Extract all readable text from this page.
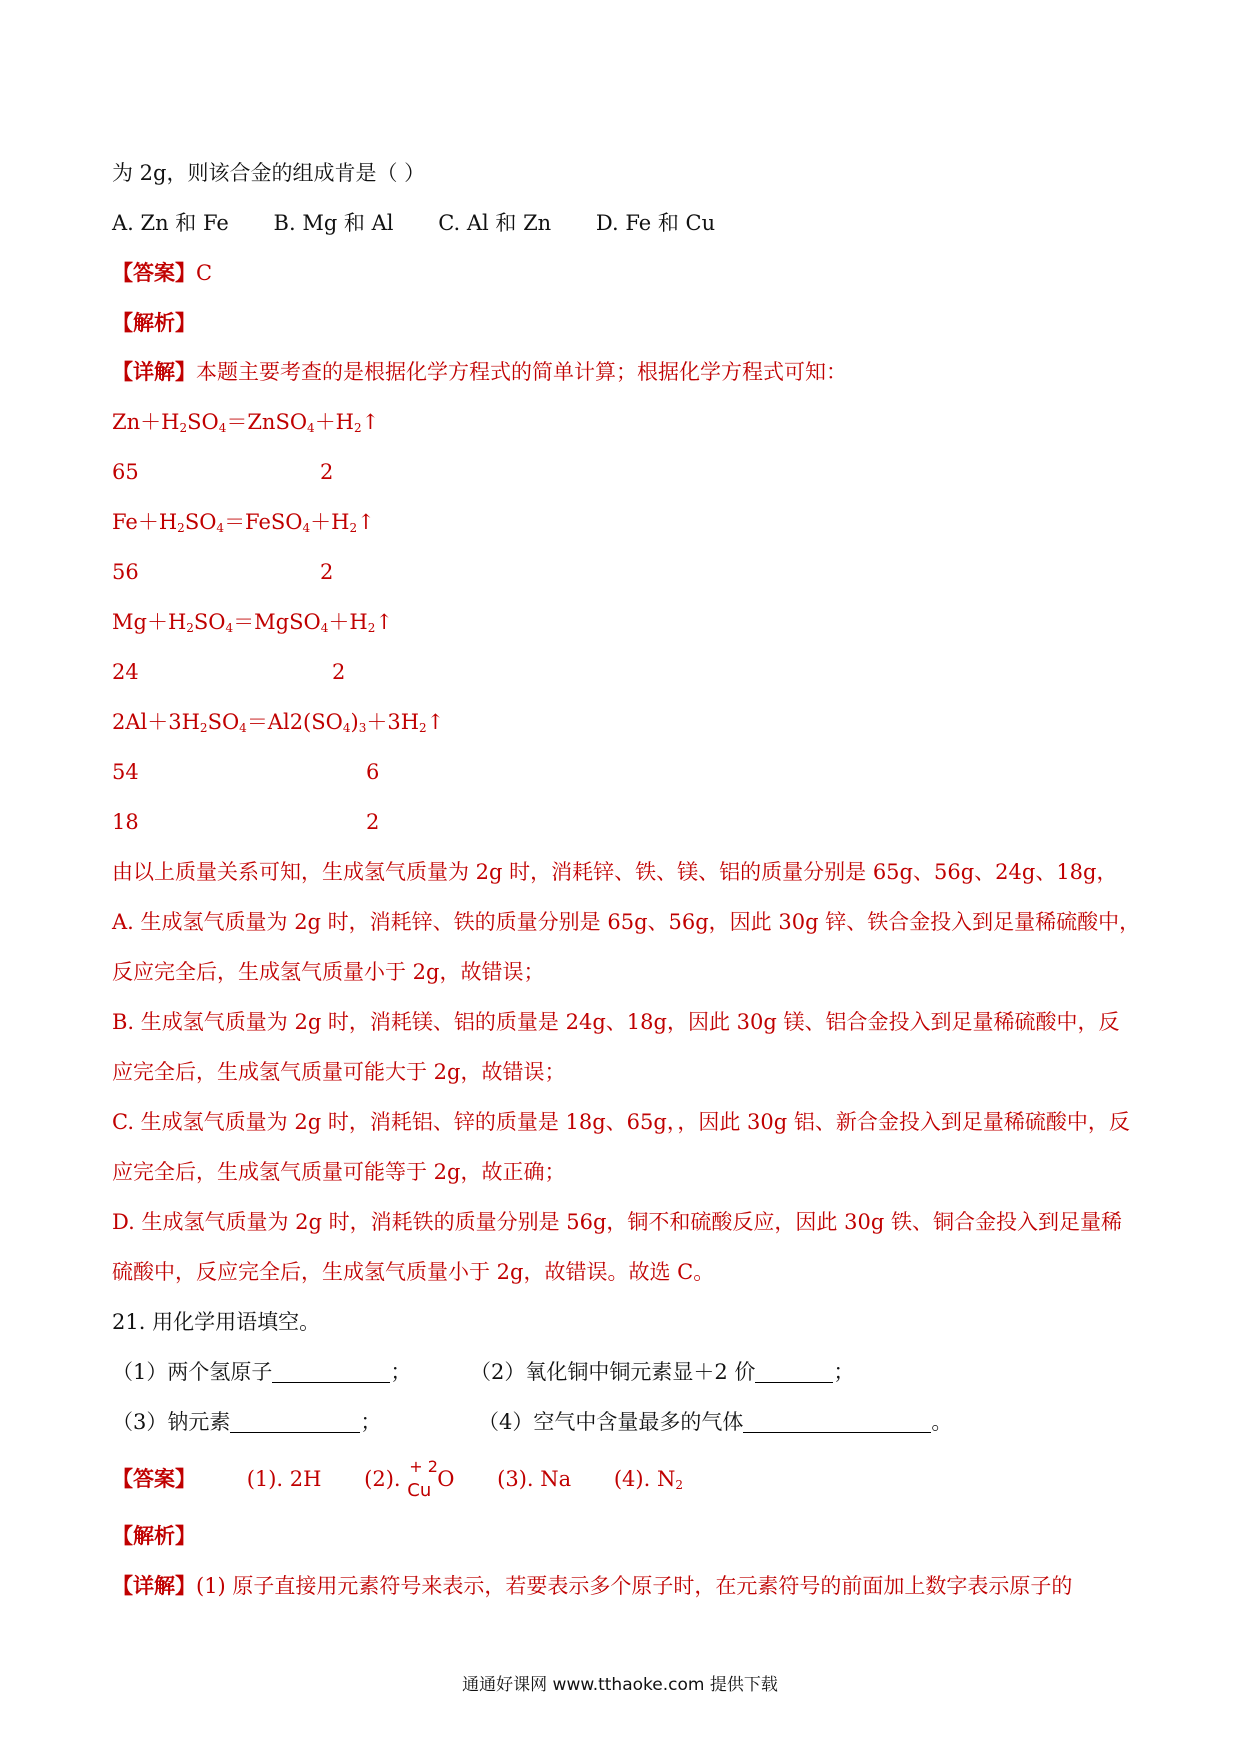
为 2g，则该合金的组成肯是（ ）
A. Zn 和 Fe B. Mg 和 Al C. Al 和 Zn D. Fe 和 Cu
【答案】C
【解析】
【详解】本题主要考查的是根据化学方程式的简单计算；根据化学方程式可知：
$Zn+H_2SO_4=ZnSO_4+H_2↑$
65	2
$Fe+H_2SO_4=FeSO_4+H_2↑$
56	2
$Mg+H_2SO_4=MgSO_4+H_2↑$
24	2
$2Al+3H_2SO_4=Al2(SO_4)_3+3H_2↑$
54	6
18	2
由以上质量关系可知，生成氢气质量为 2g 时，消耗锌、铁、镁、铝的质量分别是 65g、56g、24g、18g，
A. 生成氢气质量为 2g 时，消耗锌、铁的质量分别是 65g、56g，因此 30g 锌、铁合金投入到足量稀硫酸中，
反应完全后，生成氢气质量小于 2g，故错误；
B. 生成氢气质量为 2g 时，消耗镁、铝的质量是 24g、18g，因此 30g 镁、铝合金投入到足量稀硫酸中，反
应完全后，生成氢气质量可能大于 2g，故错误；
C. 生成氢气质量为 2g 时，消耗铝、锌的质量是 18g、65g，，因此 30g 铝、新合金投入到足量稀硫酸中，反
应完全后，生成氢气质量可能等于 2g，故正确；
D. 生成氢气质量为 2g 时，消耗铁的质量分别是 56g，铜不和硫酸反应，因此 30g 铁、铜合金投入到足量稀
硫酸中，反应完全后，生成氢气质量小于 2g，故错误。故选 C。
21. 用化学用语填空。
（1）两个氢原子	；	（2）氧化铜中铜元素显＋2 价	；
（3）钠元素	；	（4）空气中含量最多的气体	。
【答案】 (1). 2H (2).
+ 2
Cu O (3). Na (4). $N_2$
【解析】
【详解】(1) 原子直接用元素符号来表示，若要表示多个原子时，在元素符号的前面加上数字表示原子的
通通好课网 www.tthaoke.com 提供下载
